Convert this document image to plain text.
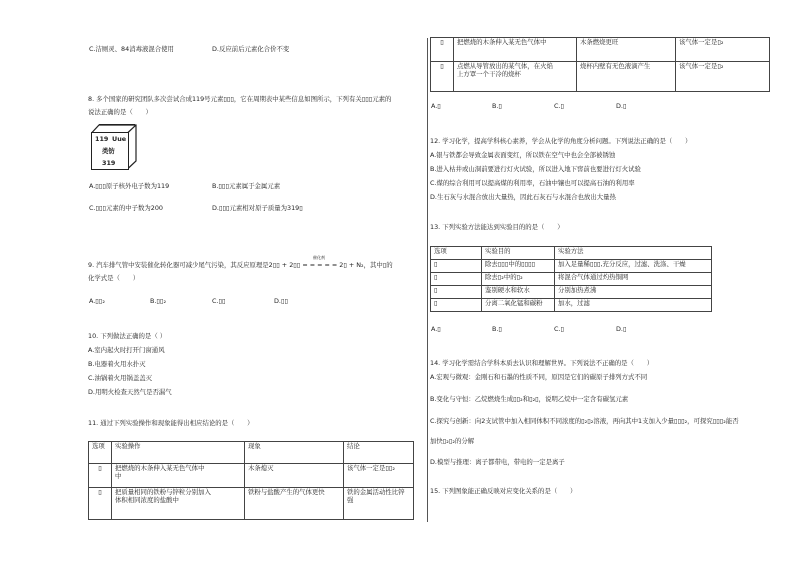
C.洁厕灵、84消毒液混合使用	D.反应前后元素化合价不变
8. 多个国家的研究团队多次尝试合成119号元素▯▯▯，它在周期表中某些信息如图所示，下列有关▯▯▯元素的
说法正确的是（　　）
119 Uue
类钫
319
A.▯▯▯原子核外电子数为119	B.▯▯▯元素属于金属元素
C.▯▯▯元素的中子数为200	D.▯▯▯元素相对原子质量为319▯
催化剂
9. 汽车排气管中安装催化转化器可减少尾气污染，其反应原理是2▯▯ + 2▯▯ = = = = = 2▯ + N₂，其中▯的
化学式是（　　）
A.▯▯₂	B.▯▯₂	C.▯▯	D.▯▯
10. 下列做法正确的是（ ）
A.室内起火时打开门窗通风
B.电器着火用水扑灭
C.油锅着火用锅盖盖灭
D.用明火检查天然气是否漏气
11. 通过下列实验操作和现象能得出相应结论的是（　　）
选项	实验操作	现象	结论
▯	把燃烧的木条伸入某无色气体中
中	木条熄灭	该气体一定是▯▯₂
▯	把质量相同的铁粉与锌粒分别加入
体积相同浓度的盐酸中	铁粉与盐酸产生的气体更快	铁的金属活动性比锌强
▯	把燃烧的木条伸入某无色气体中	木条燃烧更旺	该气体一定是▯₂
▯	点燃从导管放出的某气体，在火焰
上方罩一个干冷的烧杯	烧杯内壁有无色液滴产生	该气体一定是▯₂
A.▯	B.▯	C.▯	D.▯
12. 学习化学，提高学科核心素养，学会从化学的角度分析问题。下列说法正确的是（　　）
A.银与铁都会导致金属表面变红，所以铁在空气中也会全部被锈蚀
B.进入枯井或山洞前要进行灯火试验，所以进入地下窖前也要进行灯火试验
C.煤的综合利用可以提高煤的利用率，石油中镶也可以提高石油的利用率
D.生石灰与水混合放出大量热，因此石灰石与水混合也放出大量热
13. 下列实验方法能达到实验目的的是（　　）
选项	实验目的	实验方法
▯	除去▯▯▯中的▯▯▯▯	加入足量稀▯▯▯,充分反应，过滤、洗涤、干燥
▯	除去▯₂中的▯₂	将混合气体通过灼热铜网
▯	鉴别硬水和软水	分别加热煮沸
▯	分离二氧化锰和碳粉	加水，过滤
A.▯	B.▯	C.▯	D.▯
14. 学习化学需结合学科本质去认识和理解世界。下列说法不正确的是（　　）
A.宏观与微观：金刚石和石墨的性质不同，原因是它们的碳原子排列方式不同
B.变化与守恒：乙烷燃烧生成▯▯₂和▯₂▯，说明乙烷中一定含有碳氢元素
C.探究与创新：向2支试管中加入相同体积不同浓度的▯₂▯₂溶液，再向其中1支加入少量▯▯▯₂，可探究▯▯▯₂能否
加快▯₂▯₂的分解
D.模型与推理：离子都带电，带电的一定是离子
15. 下列图象能正确反映对应变化关系的是（　　）
